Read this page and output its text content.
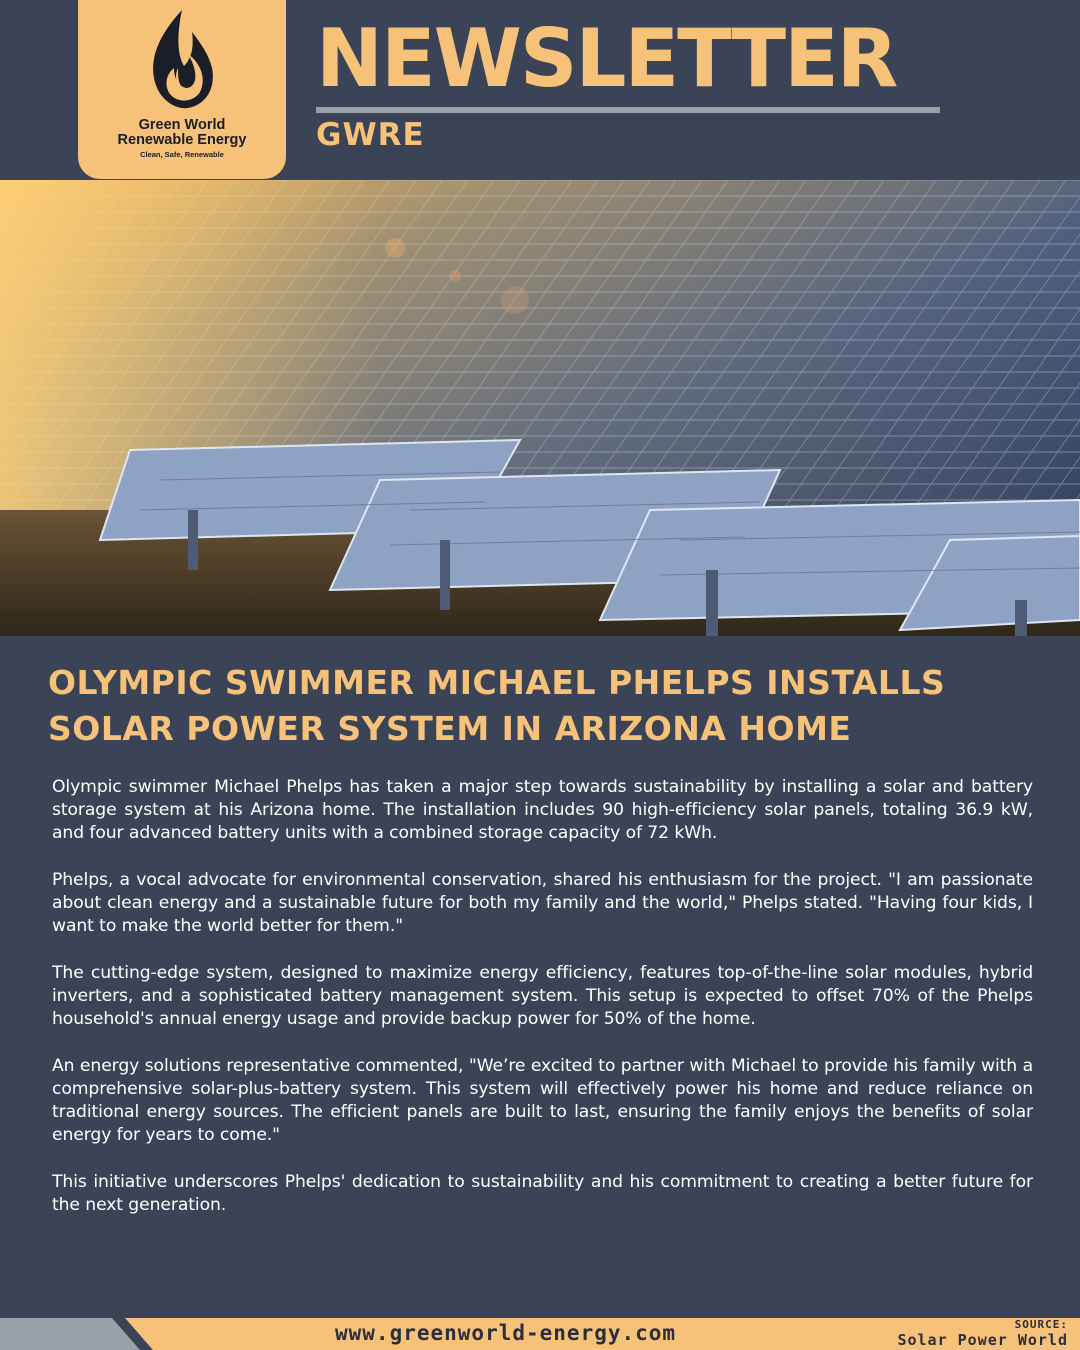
Green World
Renewable Energy
Clean, Safe, Renewable
NEWSLETTER
GWRE
OLYMPIC SWIMMER MICHAEL PHELPS INSTALLS
SOLAR POWER SYSTEM IN ARIZONA HOME

Olympic swimmer Michael Phelps has taken a major step towards sustainability by installing a solar and battery storage system at his Arizona home. The installation includes 90 high-efficiency solar panels, totaling 36.9 kW, and four advanced battery units with a combined storage capacity of 72 kWh.

Phelps, a vocal advocate for environmental conservation, shared his enthusiasm for the project. "I am passionate about clean energy and a sustainable future for both my family and the world," Phelps stated. "Having four kids, I want to make the world better for them."

The cutting-edge system, designed to maximize energy efficiency, features top-of-the-line solar modules, hybrid inverters, and a sophisticated battery management system. This setup is expected to offset 70% of the Phelps household's annual energy usage and provide backup power for 50% of the home.

An energy solutions representative commented, "We’re excited to partner with Michael to provide his family with a comprehensive solar-plus-battery system. This system will effectively power his home and reduce reliance on traditional energy sources. The efficient panels are built to last, ensuring the family enjoys the benefits of solar energy for years to come."

This initiative underscores Phelps' dedication to sustainability and his commitment to creating a better future for the next generation.

www.greenworld-energy.com	SOURCE:
Solar Power World
